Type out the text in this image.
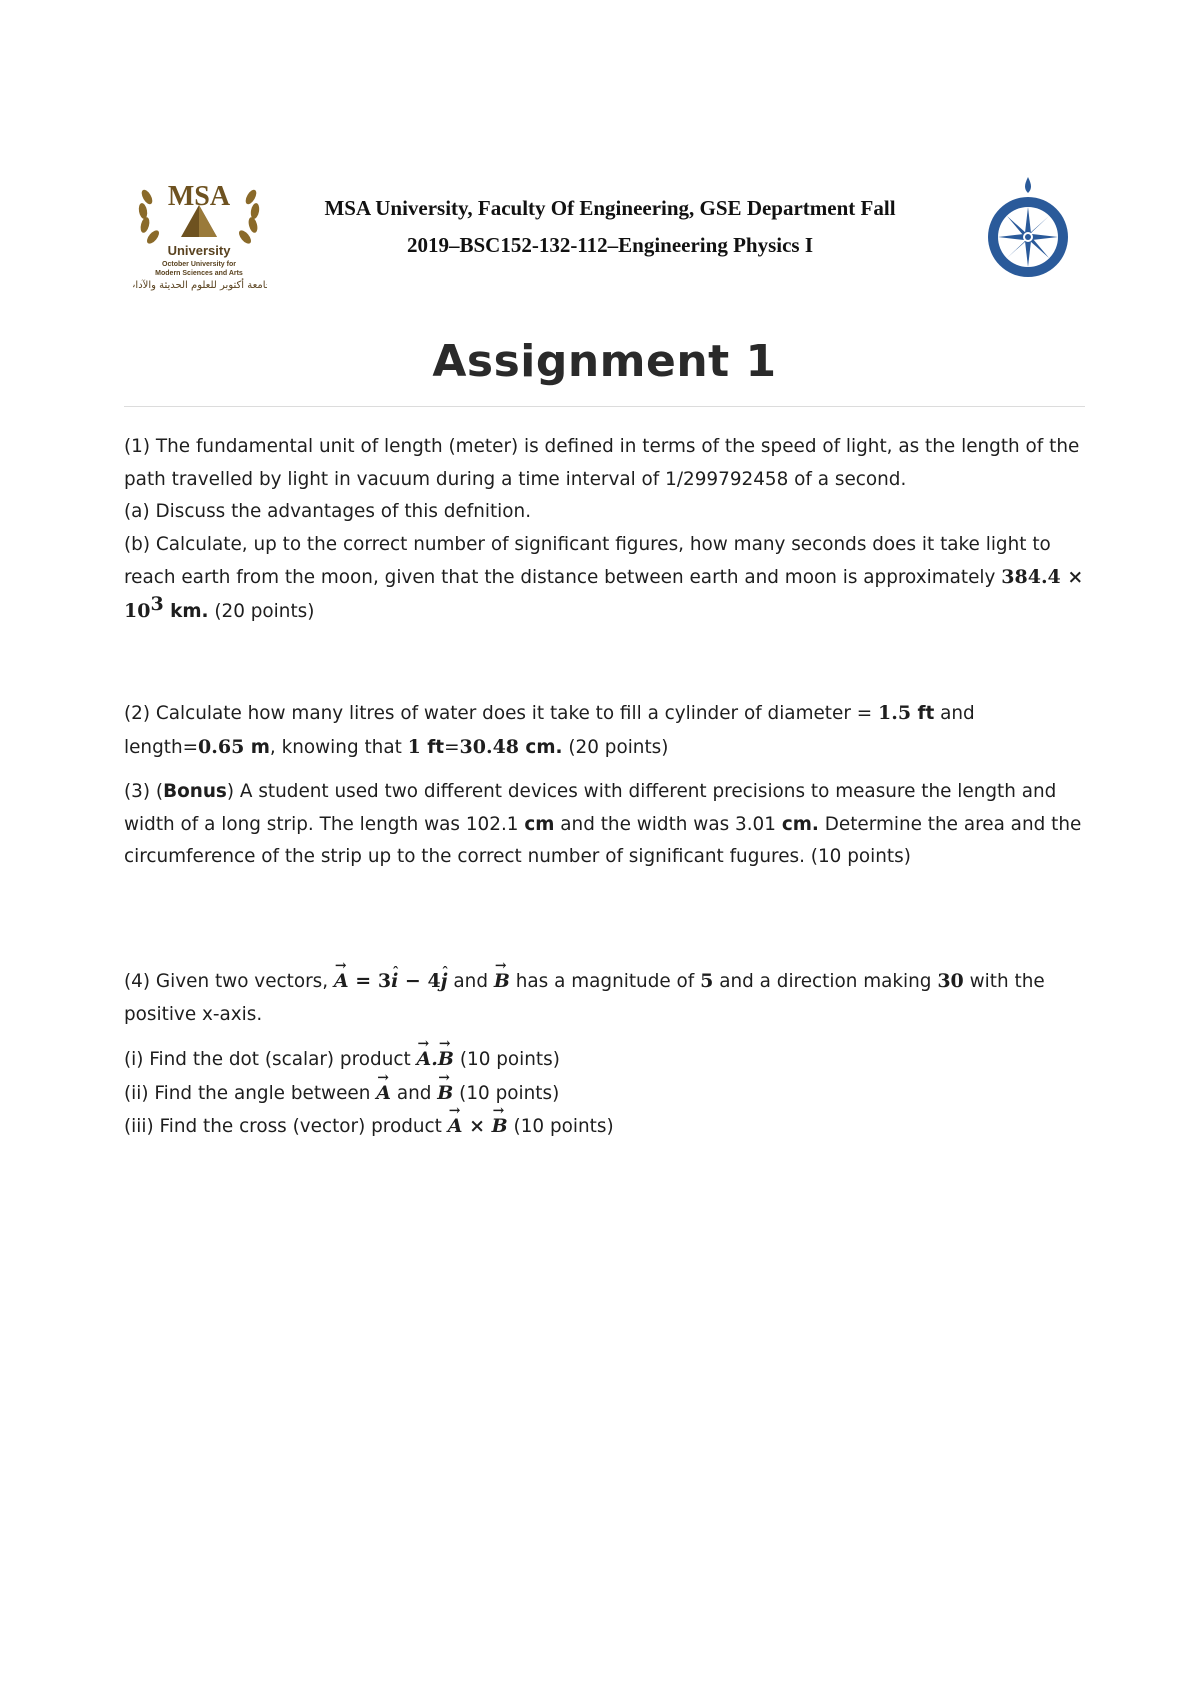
MSA
University
October University for
Modern Sciences and Arts
جامعة أكتوبر للعلوم الحديثة والآداب
MSA University, Faculty Of Engineering, GSE Department Fall
2019–BSC152-132-112–Engineering Physics I
Assignment 1

(1) The fundamental unit of length (meter) is defined in terms of the speed of light, as the length of the path travelled by light in vacuum during a time interval of 1/299792458 of a second.

(a) Discuss the advantages of this defnition.

(b) Calculate, up to the correct number of significant figures, how many seconds does it take light to reach earth from the moon, given that the distance between earth and moon is approximately $384.4 \times 10^3$ km. (20 points)

(2) Calculate how many litres of water does it take to fill a cylinder of diameter = 1.5 ft and length=0.65 m, knowing that 1 ft=30.48 cm. (20 points)

(3) (Bonus) A student used two different devices with different precisions to measure the length and width of a long strip. The length was 102.1 cm and the width was 3.01 cm. Determine the area and the circumference of the strip up to the correct number of significant fugures. (10 points)

(4) Given two vectors, → A = 3ˆ i − 4ˆ j and → B has a magnitude of 5 and a direction making 30 with the positive x-axis.

(i) Find the dot (scalar) product → A.→ B (10 points)

(ii) Find the angle between → A and → B (10 points)

(iii) Find the cross (vector) product → A × → B (10 points)
